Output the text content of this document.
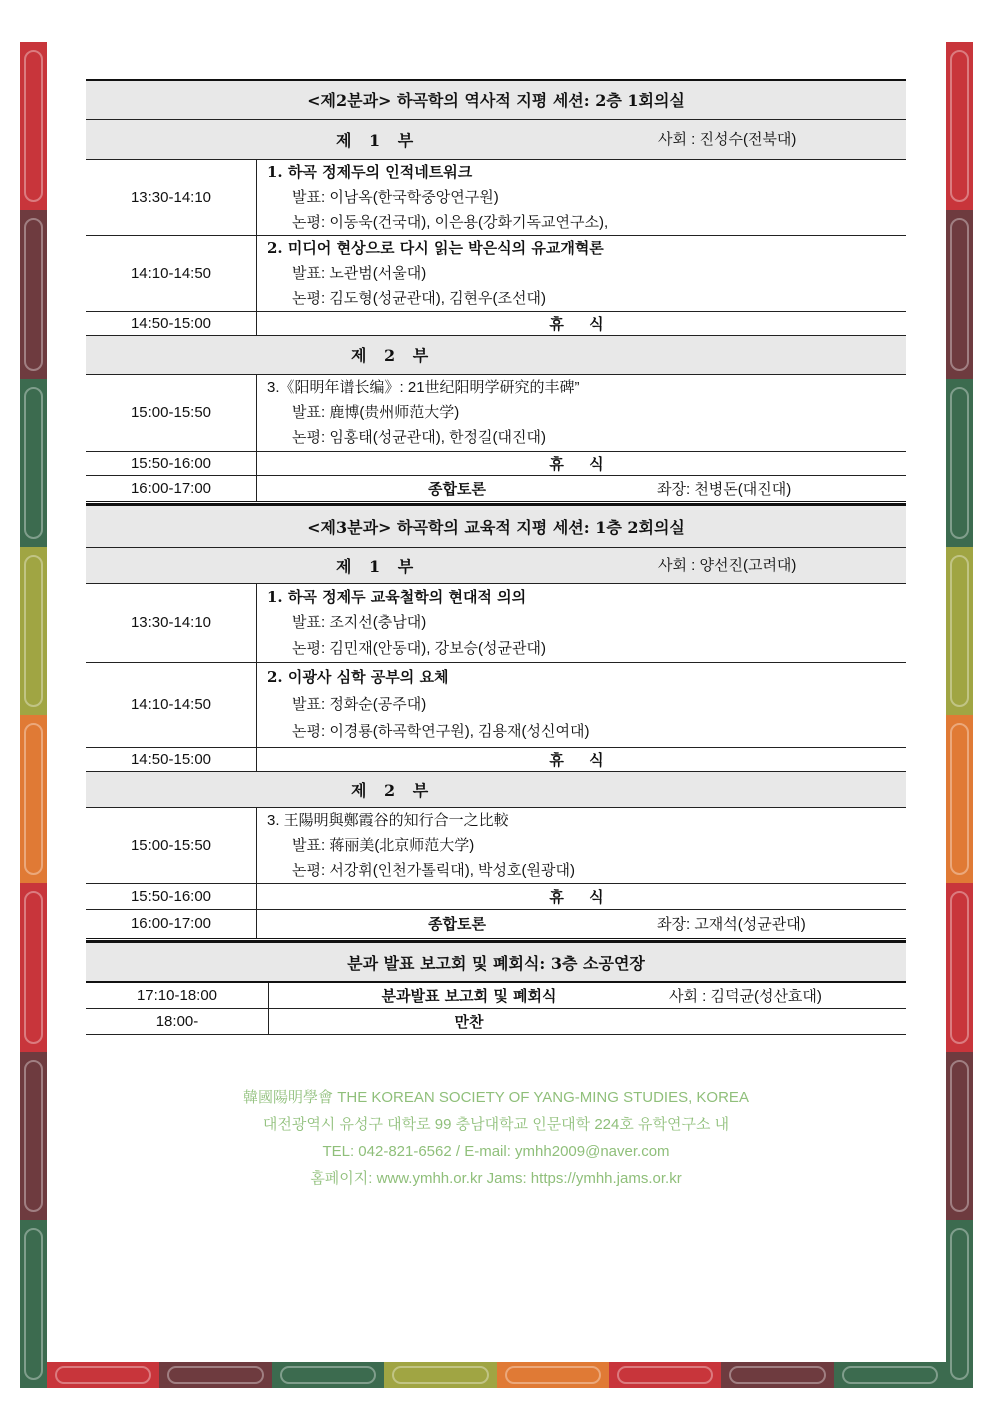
<제2분과> 하곡학의 역사적 지평 세션: 2층 1회의실	

제 1 부 사회 : 진성수(전북대)	

13:30-14:10	1. 하곡 정제두의 인적네트워크
발표: 이남옥(한국학중앙연구원)
논평: 이동욱(건국대), 이은용(강화기독교연구소),

14:10-14:50	2. 미디어 현상으로 다시 읽는 박은식의 유교개혁론
발표: 노관범(서울대)
논평: 김도형(성균관대), 김현우(조선대)

14:50-15:00	휴 식
제 2 부	
15:00-15:50	3.《阳明年谱长编》: 21世纪阳明学研究的丰碑”
발표: 鹿博(贵州师范大学)
논평: 임홍태(성균관대), 한정길(대진대)

15:50-16:00	휴 식
16:00-17:00	종합토론 좌장: 천병돈(대진대)
<제3분과> 하곡학의 교육적 지평 세션: 1층 2회의실	

제 1 부 사회 : 양선진(고려대)	

13:30-14:10	1. 하곡 정제두 교육철학의 현대적 의의
발표: 조지선(충남대)
논평: 김민재(안동대), 강보승(성균관대)

14:10-14:50	2. 이광사 심학 공부의 요체
발표: 정화순(공주대)
논평: 이경룡(하곡학연구원), 김용재(성신여대)

14:50-15:00	휴 식
제 2 부	
15:00-15:50	3. 王陽明與鄭霞谷的知行合一之比較
발표: 蒋丽美(北京师范大学)
논평: 서강휘(인천가톨릭대), 박성호(원광대)

15:50-16:00	휴 식
16:00-17:00	종합토론 좌장: 고재석(성균관대)
분과 발표 보고회 및 폐회식: 3층 소공연장	
17:10-18:00	분과발표 보고회 및 폐회식 사회 : 김덕균(성산효대)

18:00-	만찬
韓國陽明學會 THE KOREAN SOCIETY OF YANG-MING STUDIES, KOREA
대전광역시 유성구 대학로 99 충남대학교 인문대학 224호 유학연구소 내
TEL: 042-821-6562 / E-mail: ymhh2009@naver.com
홈페이지: www.ymhh.or.kr Jams: https://ymhh.jams.or.kr
